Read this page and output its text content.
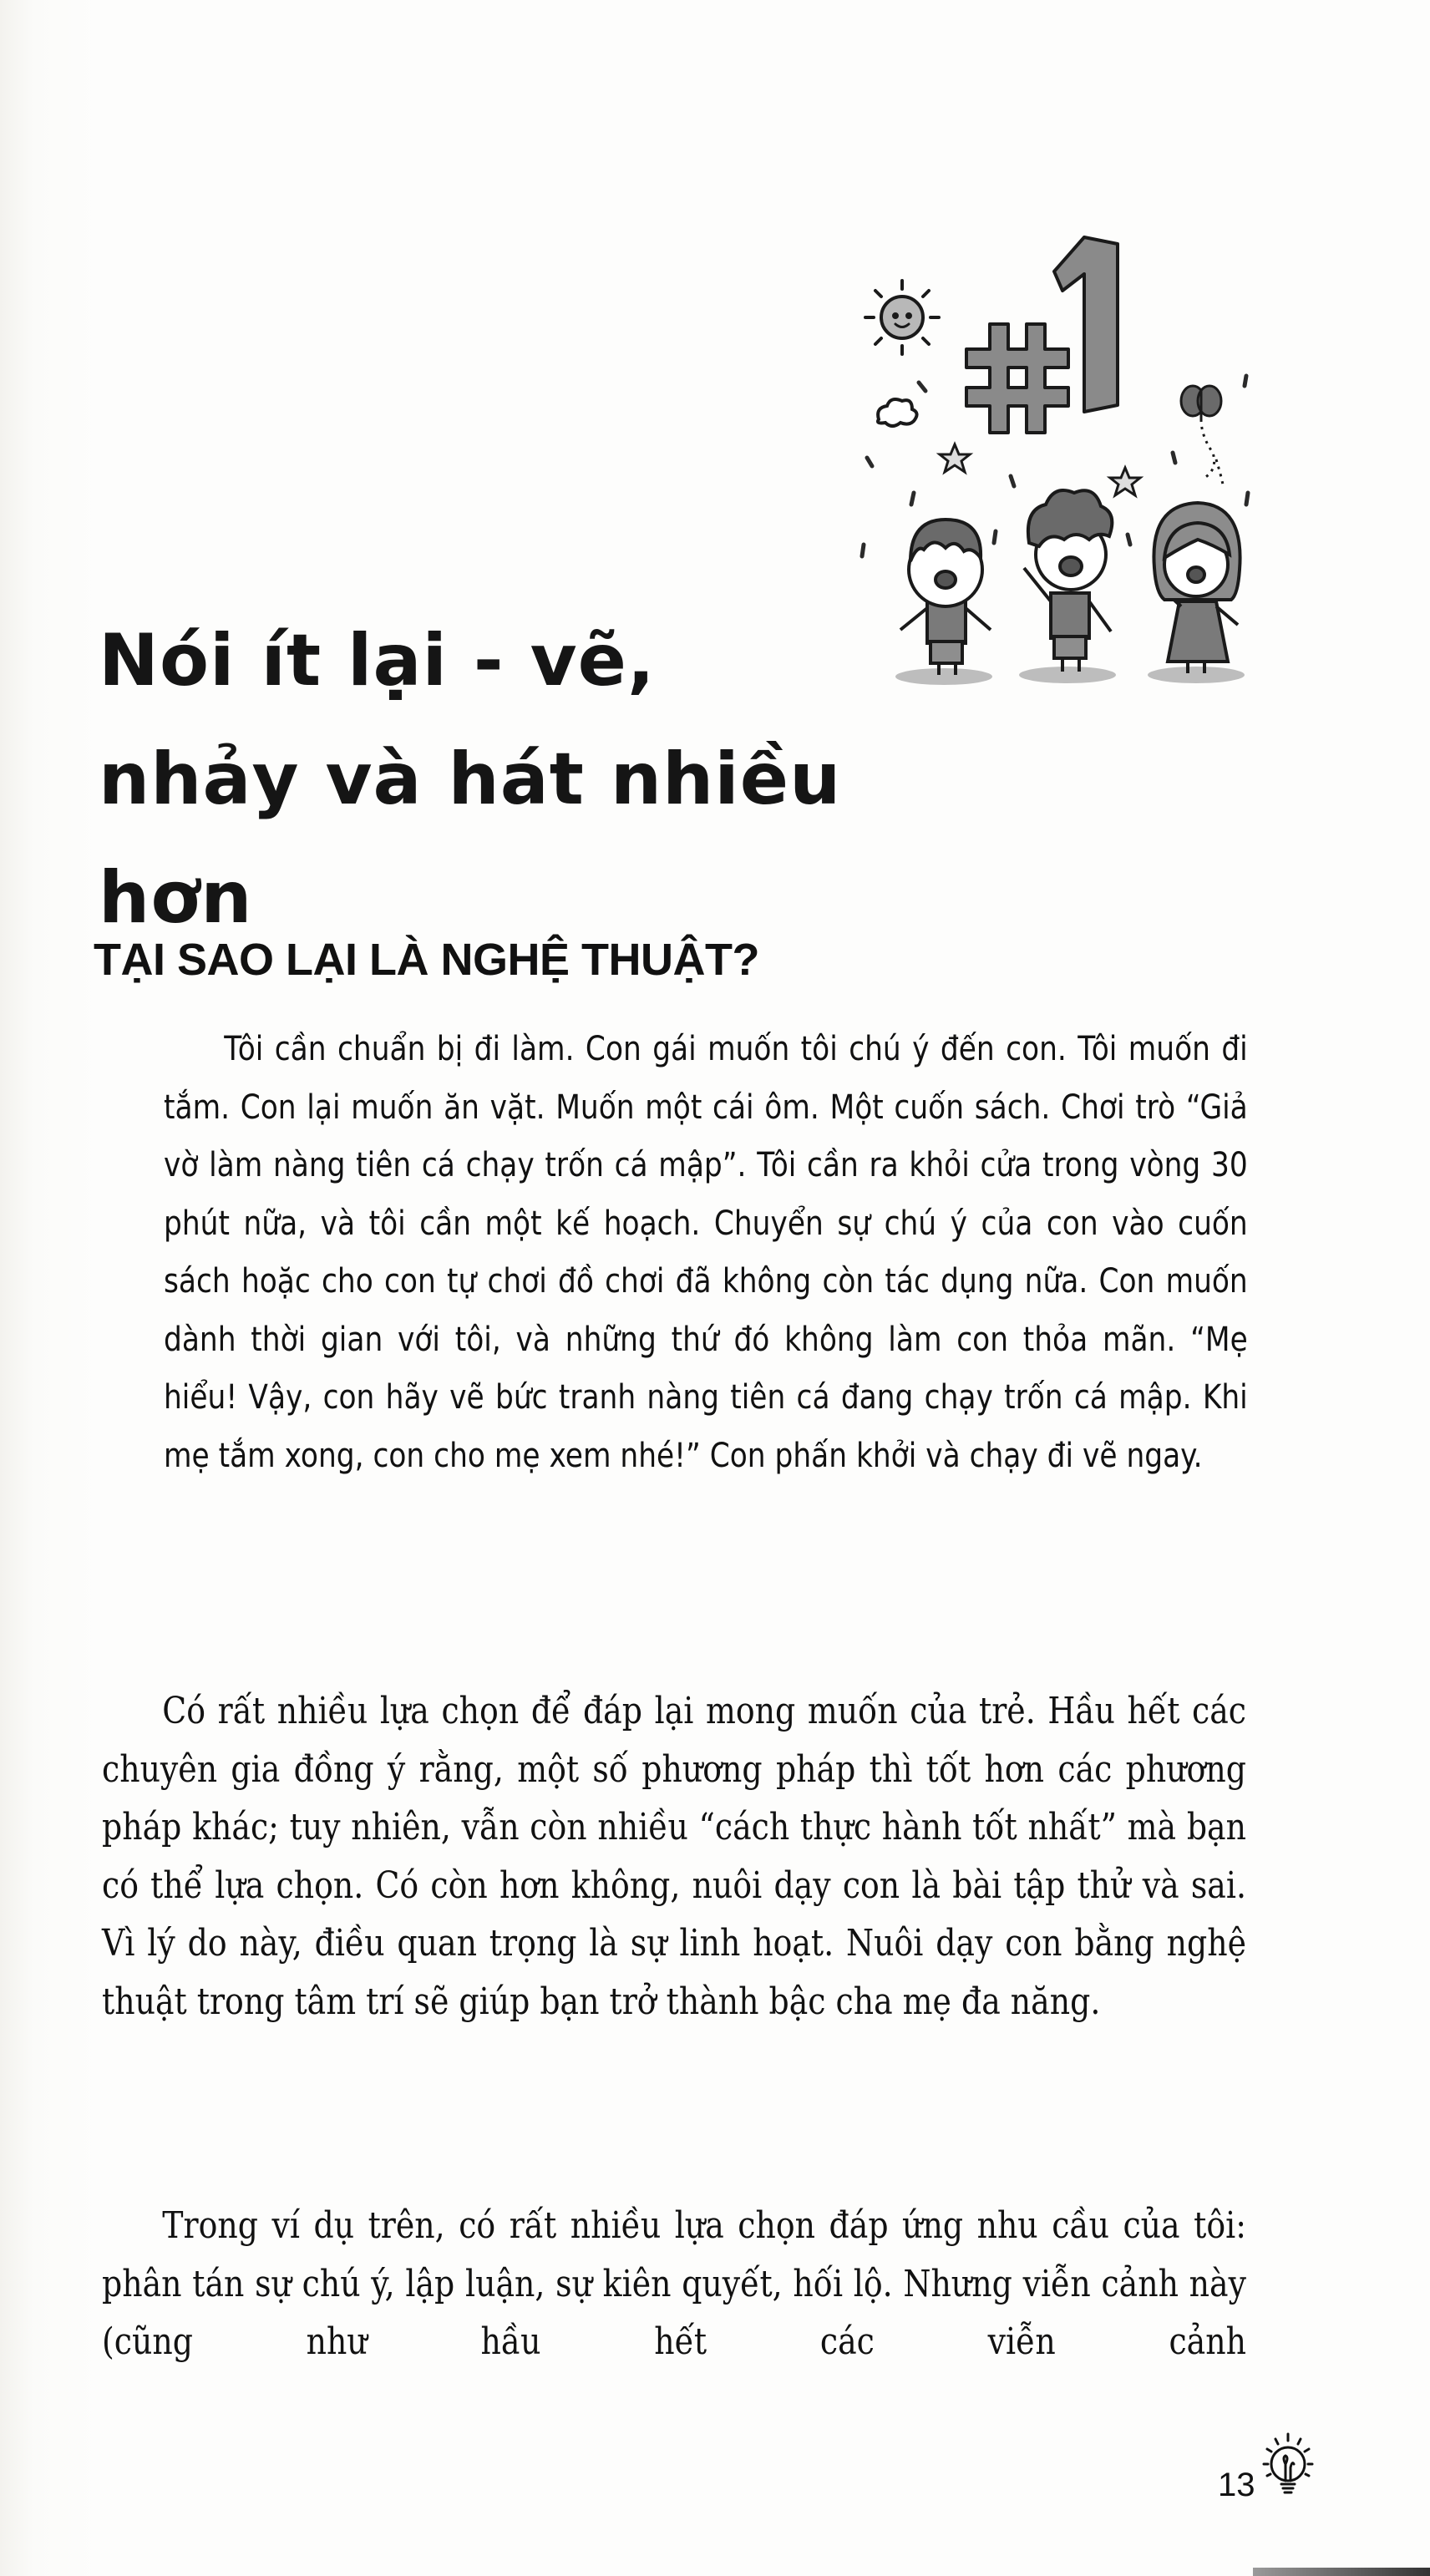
Nói ít lại - vẽ,
nhảy và hát nhiều hơn
TẠI SAO LẠI LÀ NGHỆ THUẬT?

Tôi cần chuẩn bị đi làm. Con gái muốn tôi chú ý đến con. Tôi muốn đi tắm. Con lại muốn ăn vặt. Muốn một cái ôm. Một cuốn sách. Chơi trò “Giả vờ làm nàng tiên cá chạy trốn cá mập”. Tôi cần ra khỏi cửa trong vòng 30 phút nữa, và tôi cần một kế hoạch. Chuyển sự chú ý của con vào cuốn sách hoặc cho con tự chơi đồ chơi đã không còn tác dụng nữa. Con muốn dành thời gian với tôi, và những thứ đó không làm con thỏa mãn. “Mẹ hiểu! Vậy, con hãy vẽ bức tranh nàng tiên cá đang chạy trốn cá mập. Khi mẹ tắm xong, con cho mẹ xem nhé!” Con phấn khởi và chạy đi vẽ ngay.

Có rất nhiều lựa chọn để đáp lại mong muốn của trẻ. Hầu hết các chuyên gia đồng ý rằng, một số phương pháp thì tốt hơn các phương pháp khác; tuy nhiên, vẫn còn nhiều “cách thực hành tốt nhất” mà bạn có thể lựa chọn. Có còn hơn không, nuôi dạy con là bài tập thử và sai. Vì lý do này, điều quan trọng là sự linh hoạt. Nuôi dạy con bằng nghệ thuật trong tâm trí sẽ giúp bạn trở thành bậc cha mẹ đa năng.

Trong ví dụ trên, có rất nhiều lựa chọn đáp ứng nhu cầu của tôi: phân tán sự chú ý, lập luận, sự kiên quyết, hối lộ. Nhưng viễn cảnh này (cũng như hầu hết các viễn cảnh

13
